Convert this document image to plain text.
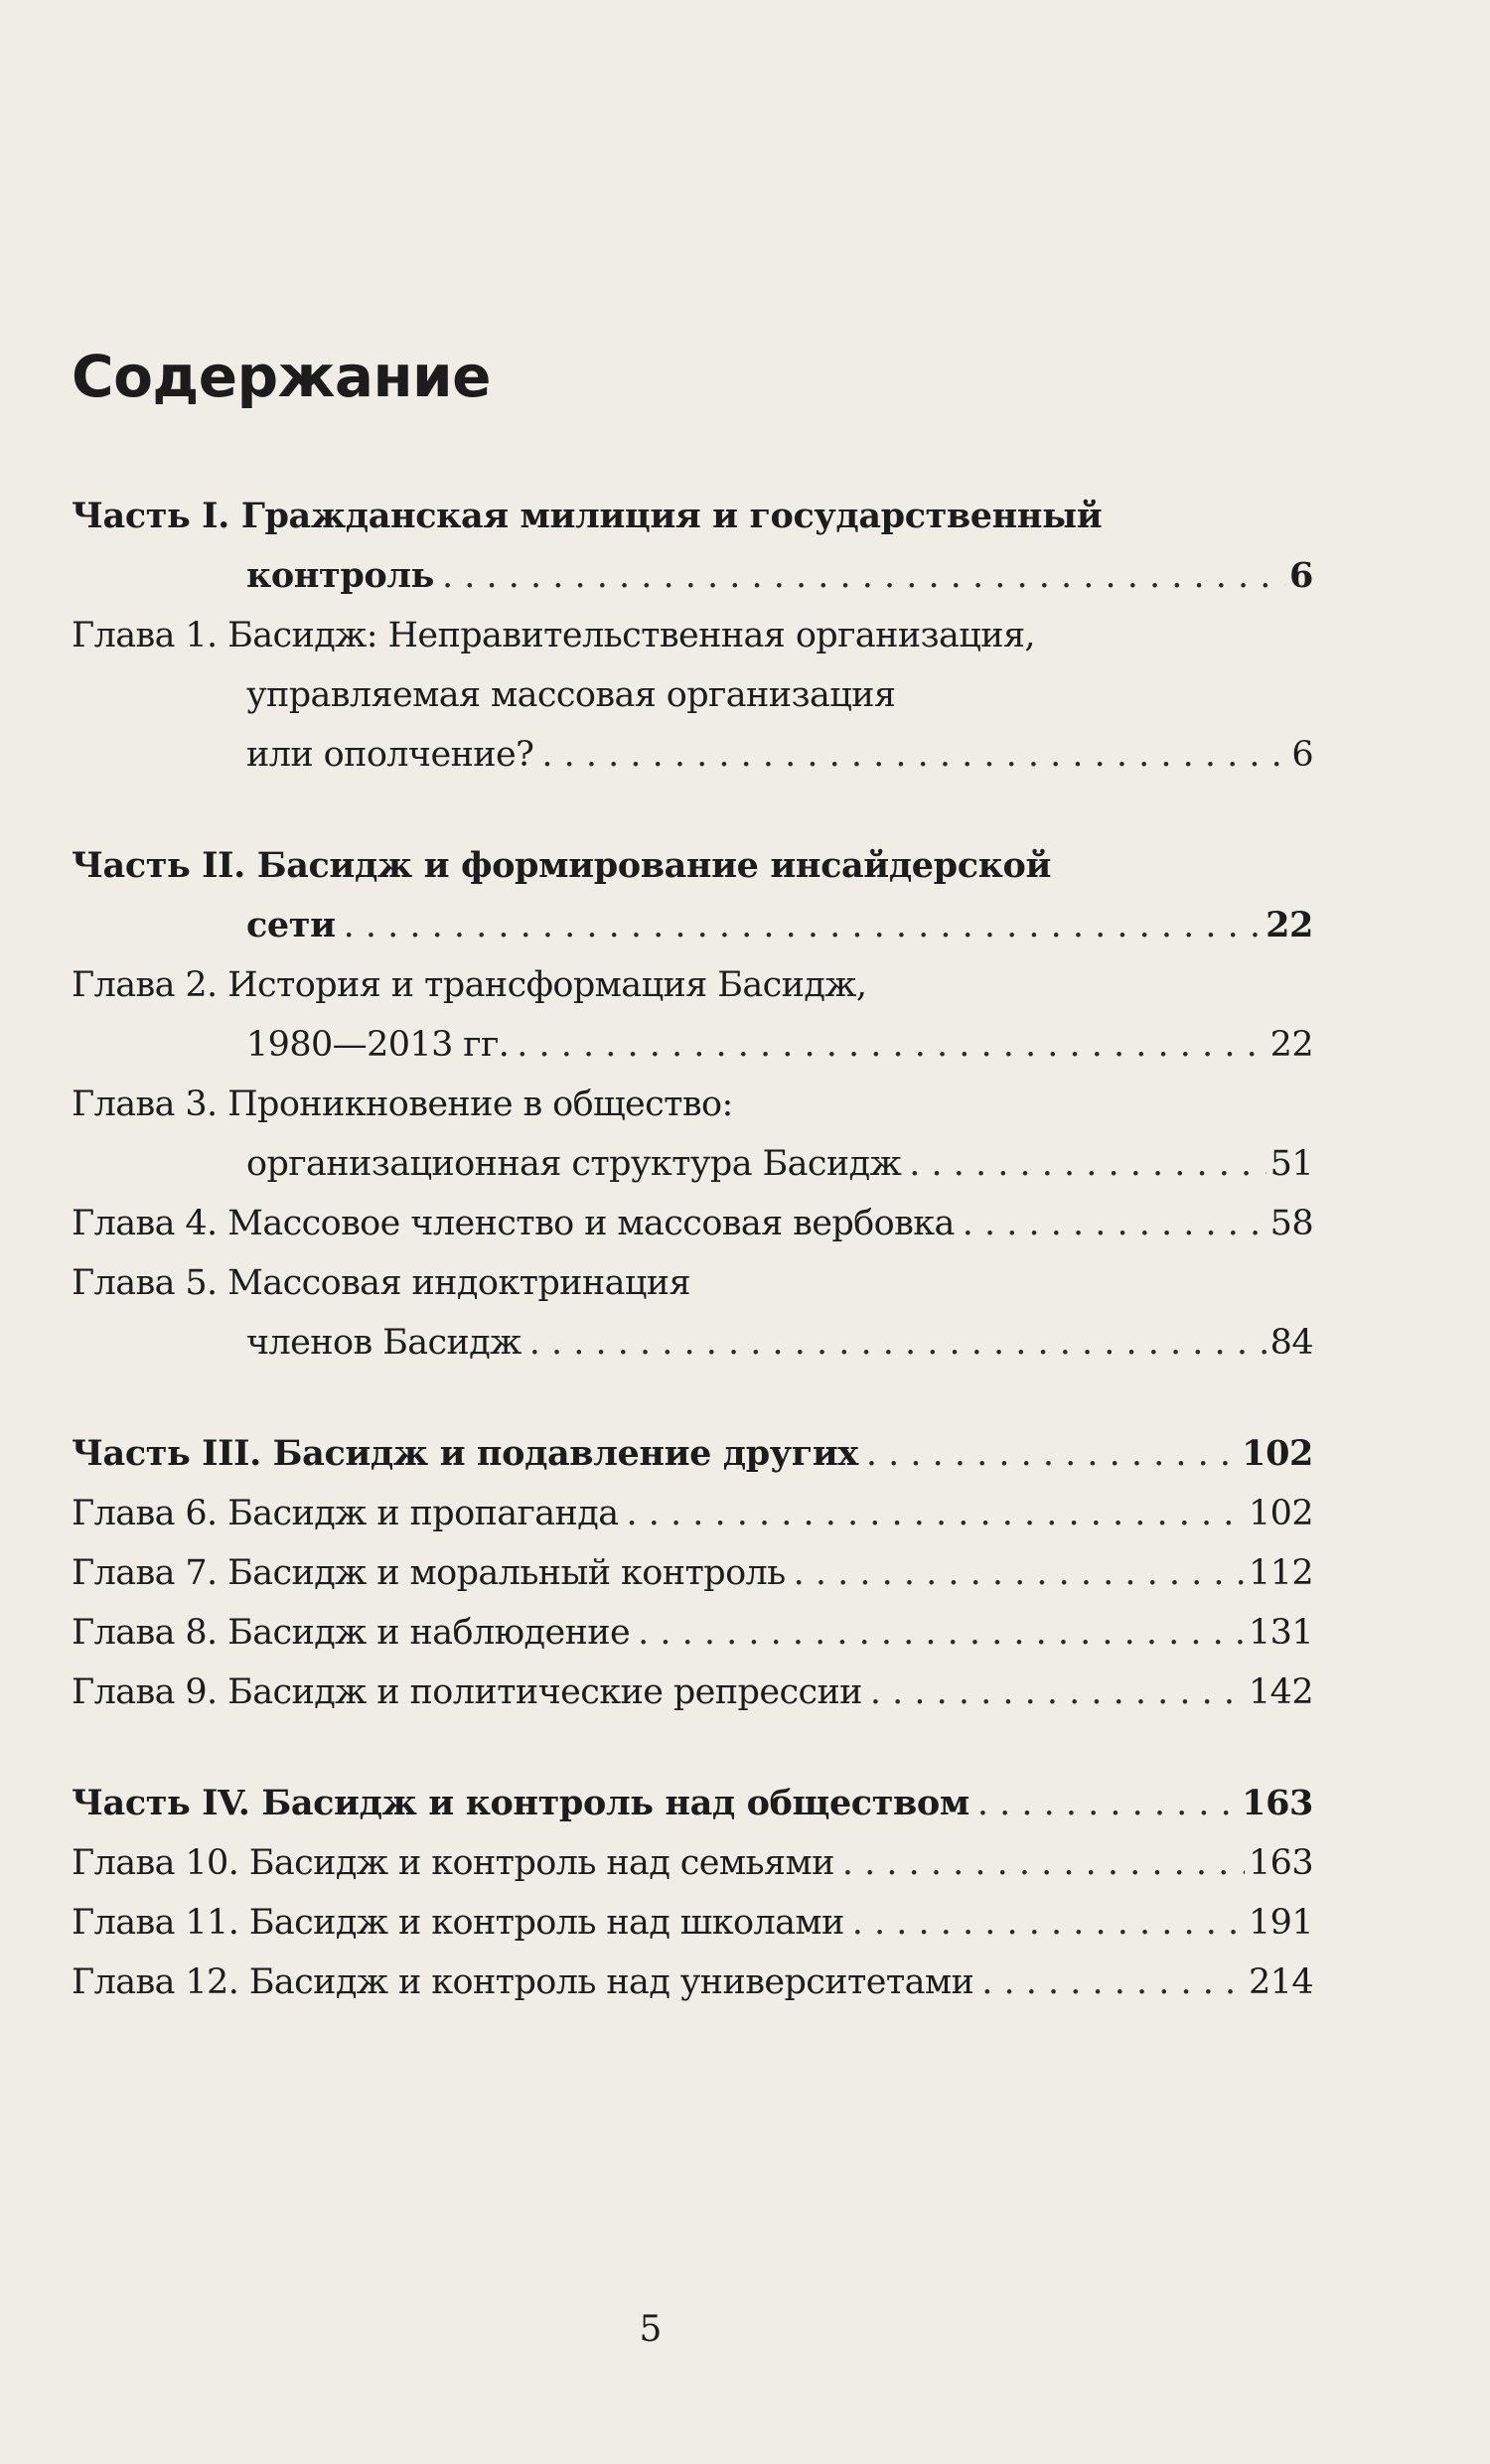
Содержание
Часть I. Гражданская милиция и государственный
контроль . . .	6
Глава 1. Басидж: Неправительственная организация,
управляемая массовая организация
или ополчение? . . .	6
Часть II. Басидж и формирование инсайдерской
сети . . .	22
Глава 2. История и трансформация Басидж,
1980—2013 гг. . . .	22
Глава 3. Проникновение в общество:
организационная структура Басидж . . .	51
Глава 4. Массовое членство и массовая вербовка . . .	58
Глава 5. Массовая индоктринация
членов Басидж . . .	84
Часть III. Басидж и подавление других . . .	102
Глава 6. Басидж и пропаганда . . .	102
Глава 7. Басидж и моральный контроль . . .	112
Глава 8. Басидж и наблюдение . . .	131
Глава 9. Басидж и политические репрессии . . .	142
Часть IV. Басидж и контроль над обществом . . .	163
Глава 10. Басидж и контроль над семьями . . .	163
Глава 11. Басидж и контроль над школами . . .	191
Глава 12. Басидж и контроль над университетами . . .	214
5
